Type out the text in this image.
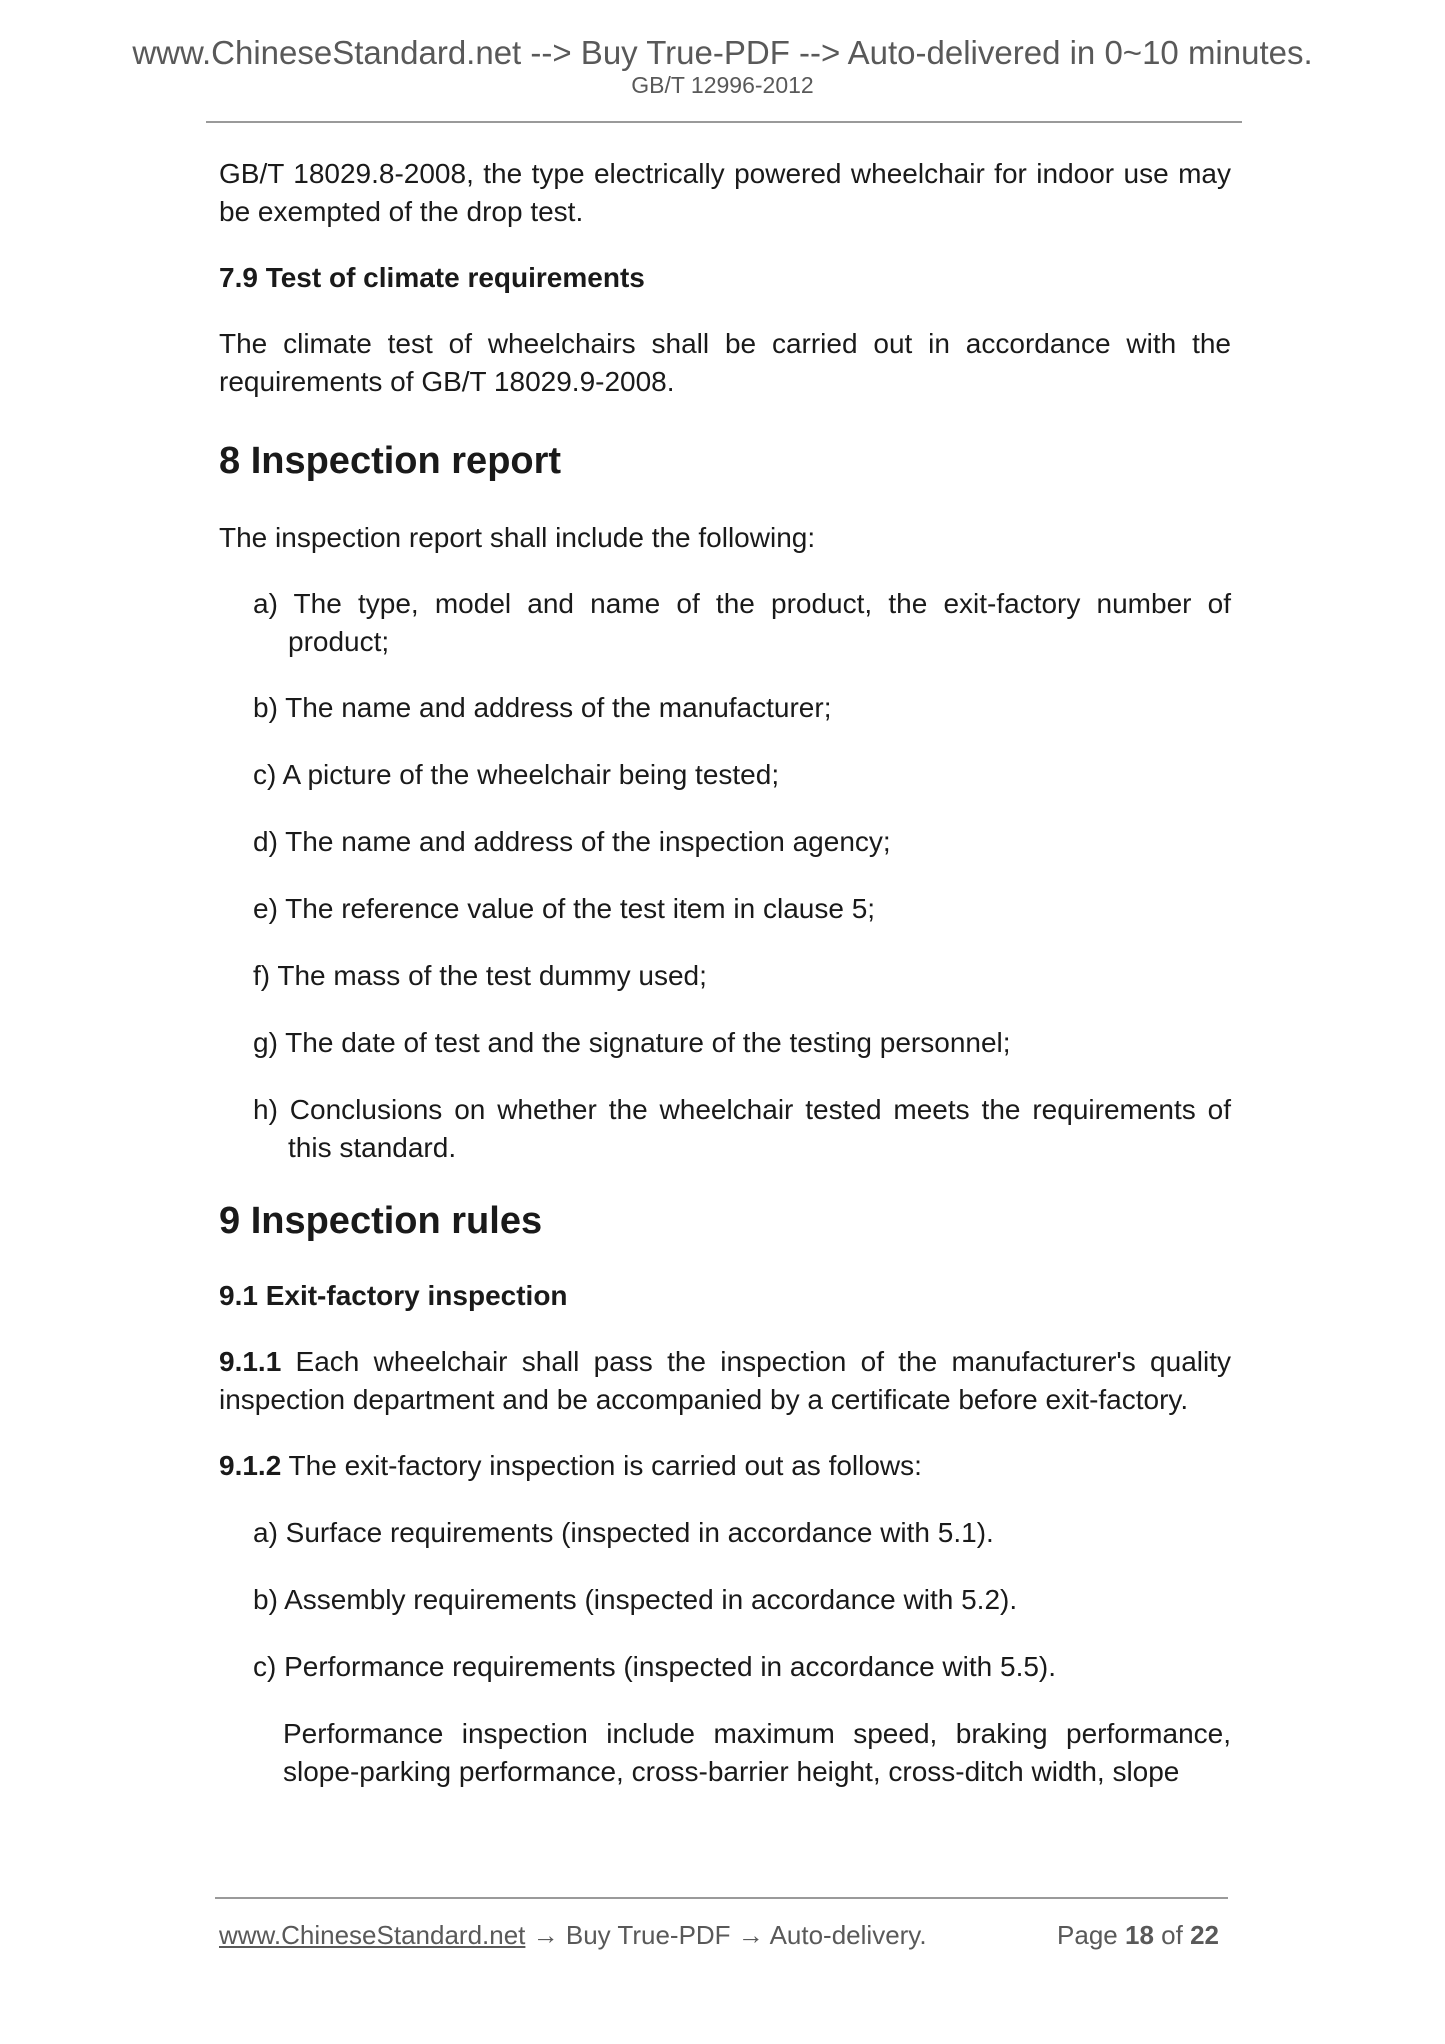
www.ChineseStandard.net --> Buy True-PDF --> Auto-delivered in 0~10 minutes.
GB/T 12996-2012

GB/T 18029.8-2008, the type electrically powered wheelchair for indoor use may be exempted of the drop test.

7.9 Test of climate requirements

The climate test of wheelchairs shall be carried out in accordance with the requirements of GB/T 18029.9-2008.

8 Inspection report

The inspection report shall include the following:

a) The type, model and name of the product, the exit-factory number of product;

b) The name and address of the manufacturer;

c) A picture of the wheelchair being tested;

d) The name and address of the inspection agency;

e) The reference value of the test item in clause 5;

f) The mass of the test dummy used;

g) The date of test and the signature of the testing personnel;

h) Conclusions on whether the wheelchair tested meets the requirements of this standard.

9 Inspection rules

9.1 Exit-factory inspection

9.1.1 Each wheelchair shall pass the inspection of the manufacturer's quality inspection department and be accompanied by a certificate before exit-factory.

9.1.2 The exit-factory inspection is carried out as follows:

a) Surface requirements (inspected in accordance with 5.1).

b) Assembly requirements (inspected in accordance with 5.2).

c) Performance requirements (inspected in accordance with 5.5).

Performance inspection include maximum speed, braking performance, slope-parking performance, cross-barrier height, cross-ditch width, slope

www.ChineseStandard.net → Buy True-PDF → Auto-delivery.	Page 18 of 22
